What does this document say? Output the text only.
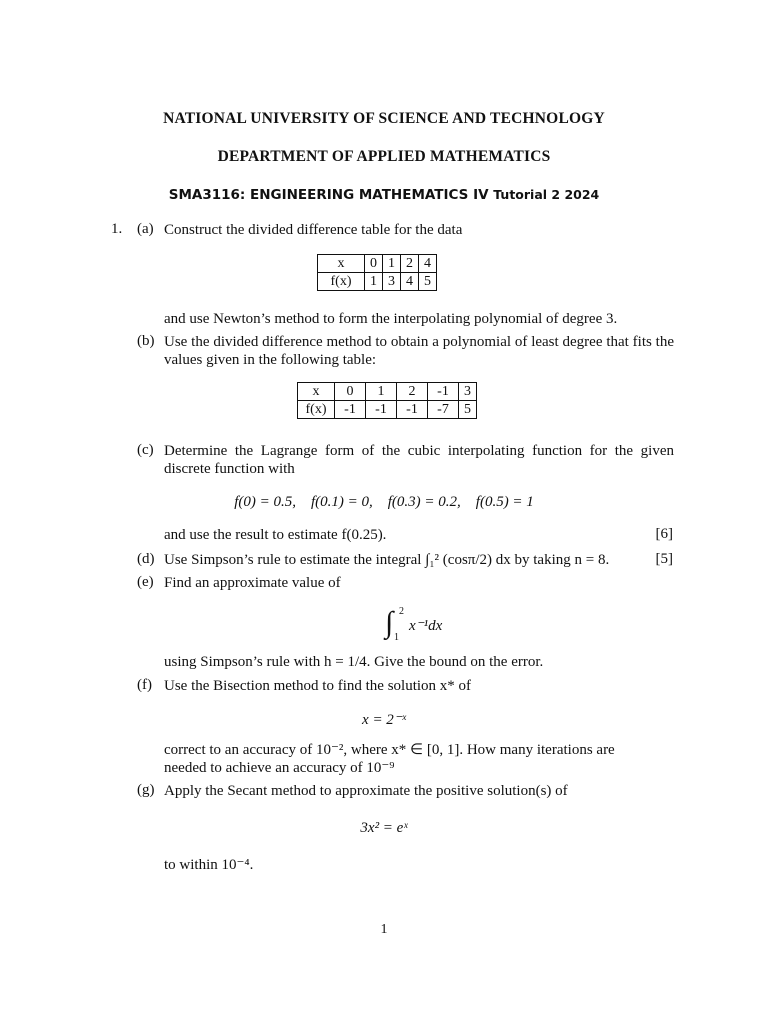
NATIONAL UNIVERSITY OF SCIENCE AND TECHNOLOGY
DEPARTMENT OF APPLIED MATHEMATICS
SMA3116: ENGINEERING MATHEMATICS IV Tutorial 2 2024
1. (a) Construct the divided difference table for the data
x	0	1	2	4
f(x)	1	3	4	5
and use Newton’s method to form the interpolating polynomial of degree 3.
(b) Use the divided difference method to obtain a polynomial of least degree that fits the values given in the following table:
x	0	1	2	-1	3
f(x)	-1	-1	-1	-7	5
(c) Determine the Lagrange form of the cubic interpolating function for the given discrete function with
f(0) = 0.5,    f(0.1) = 0,    f(0.3) = 0.2,    f(0.5) = 1
and use the result to estimate f(0.25).	[6]
(d) Use Simpson’s rule to estimate the integral ∫₁² (cosπ/2) dx by taking n = 8.	[5]
(e) Find an approximate value of
∫ 2
1
x⁻¹dx
using Simpson’s rule with h = 1/4. Give the bound on the error.
(f) Use the Bisection method to find the solution x* of
x = 2⁻ˣ
correct to an accuracy of 10⁻², where x* ∈ [0, 1]. How many iterations are
needed to achieve an accuracy of 10⁻⁹
(g) Apply the Secant method to approximate the positive solution(s) of
3x² = eˣ
to within 10⁻⁴.
1
